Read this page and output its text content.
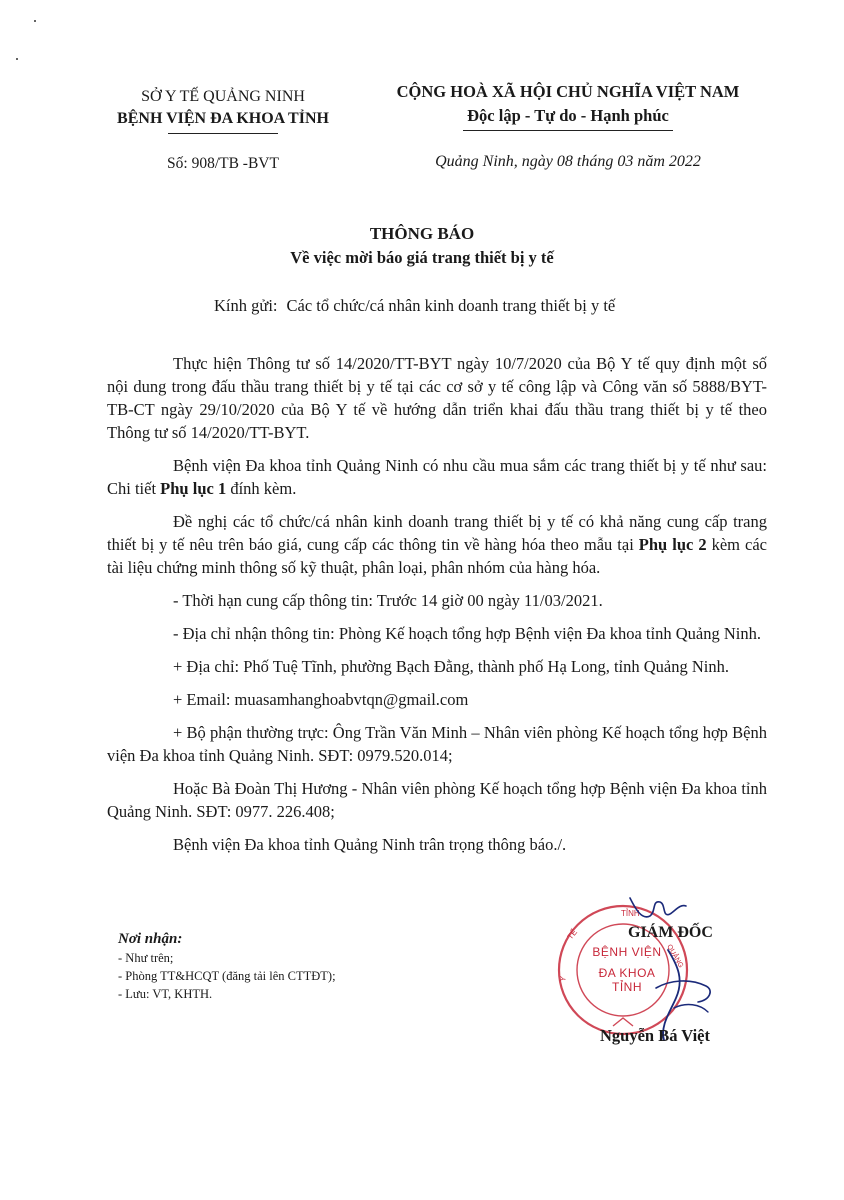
SỞ Y TẾ QUẢNG NINH
BỆNH VIỆN ĐA KHOA TỈNH
CỘNG HOÀ XÃ HỘI CHỦ NGHĨA VIỆT NAM
Độc lập - Tự do - Hạnh phúc
Số: 908/TB -BVT	Quảng Ninh, ngày 08 tháng 03 năm 2022
THÔNG BÁO
Về việc mời báo giá trang thiết bị y tế
Kính gửi: Các tổ chức/cá nhân kinh doanh trang thiết bị y tế

Thực hiện Thông tư số 14/2020/TT-BYT ngày 10/7/2020 của Bộ Y tế quy định một số nội dung trong đấu thầu trang thiết bị y tế tại các cơ sở y tế công lập và Công văn số 5888/BYT-TB-CT ngày 29/10/2020 của Bộ Y tế về hướng dẫn triển khai đấu thầu trang thiết bị y tế theo Thông tư số 14/2020/TT-BYT.

Bệnh viện Đa khoa tỉnh Quảng Ninh có nhu cầu mua sắm các trang thiết bị y tế như sau: Chi tiết Phụ lục 1 đính kèm.

Đề nghị các tổ chức/cá nhân kinh doanh trang thiết bị y tế có khả năng cung cấp trang thiết bị y tế nêu trên báo giá, cung cấp các thông tin về hàng hóa theo mẫu tại Phụ lục 2 kèm các tài liệu chứng minh thông số kỹ thuật, phân loại, phân nhóm của hàng hóa.

- Thời hạn cung cấp thông tin: Trước 14 giờ 00 ngày 11/03/2021.

- Địa chỉ nhận thông tin: Phòng Kế hoạch tổng hợp Bệnh viện Đa khoa tỉnh Quảng Ninh.

+ Địa chỉ: Phố Tuệ Tĩnh, phường Bạch Đằng, thành phố Hạ Long, tỉnh Quảng Ninh.

+ Email: muasamhanghoabvtqn@gmail.com

+ Bộ phận thường trực: Ông Trần Văn Minh – Nhân viên phòng Kế hoạch tổng hợp Bệnh viện Đa khoa tỉnh Quảng Ninh. SĐT: 0979.520.014;

Hoặc Bà Đoàn Thị Hương - Nhân viên phòng Kế hoạch tổng hợp Bệnh viện Đa khoa tỉnh Quảng Ninh. SĐT: 0977. 226.408;

Bệnh viện Đa khoa tỉnh Quảng Ninh trân trọng thông báo./.

Nơi nhận:
- Như trên;
- Phòng TT&HCQT (đăng tải lên CTTĐT);
- Lưu: VT, KHTH.
TỈNH
TẾ
Y
QUẢNG
BỆNH VIỆN
ĐA KHOA TỈNH
GIÁM ĐỐC
Nguyễn Bá Việt
